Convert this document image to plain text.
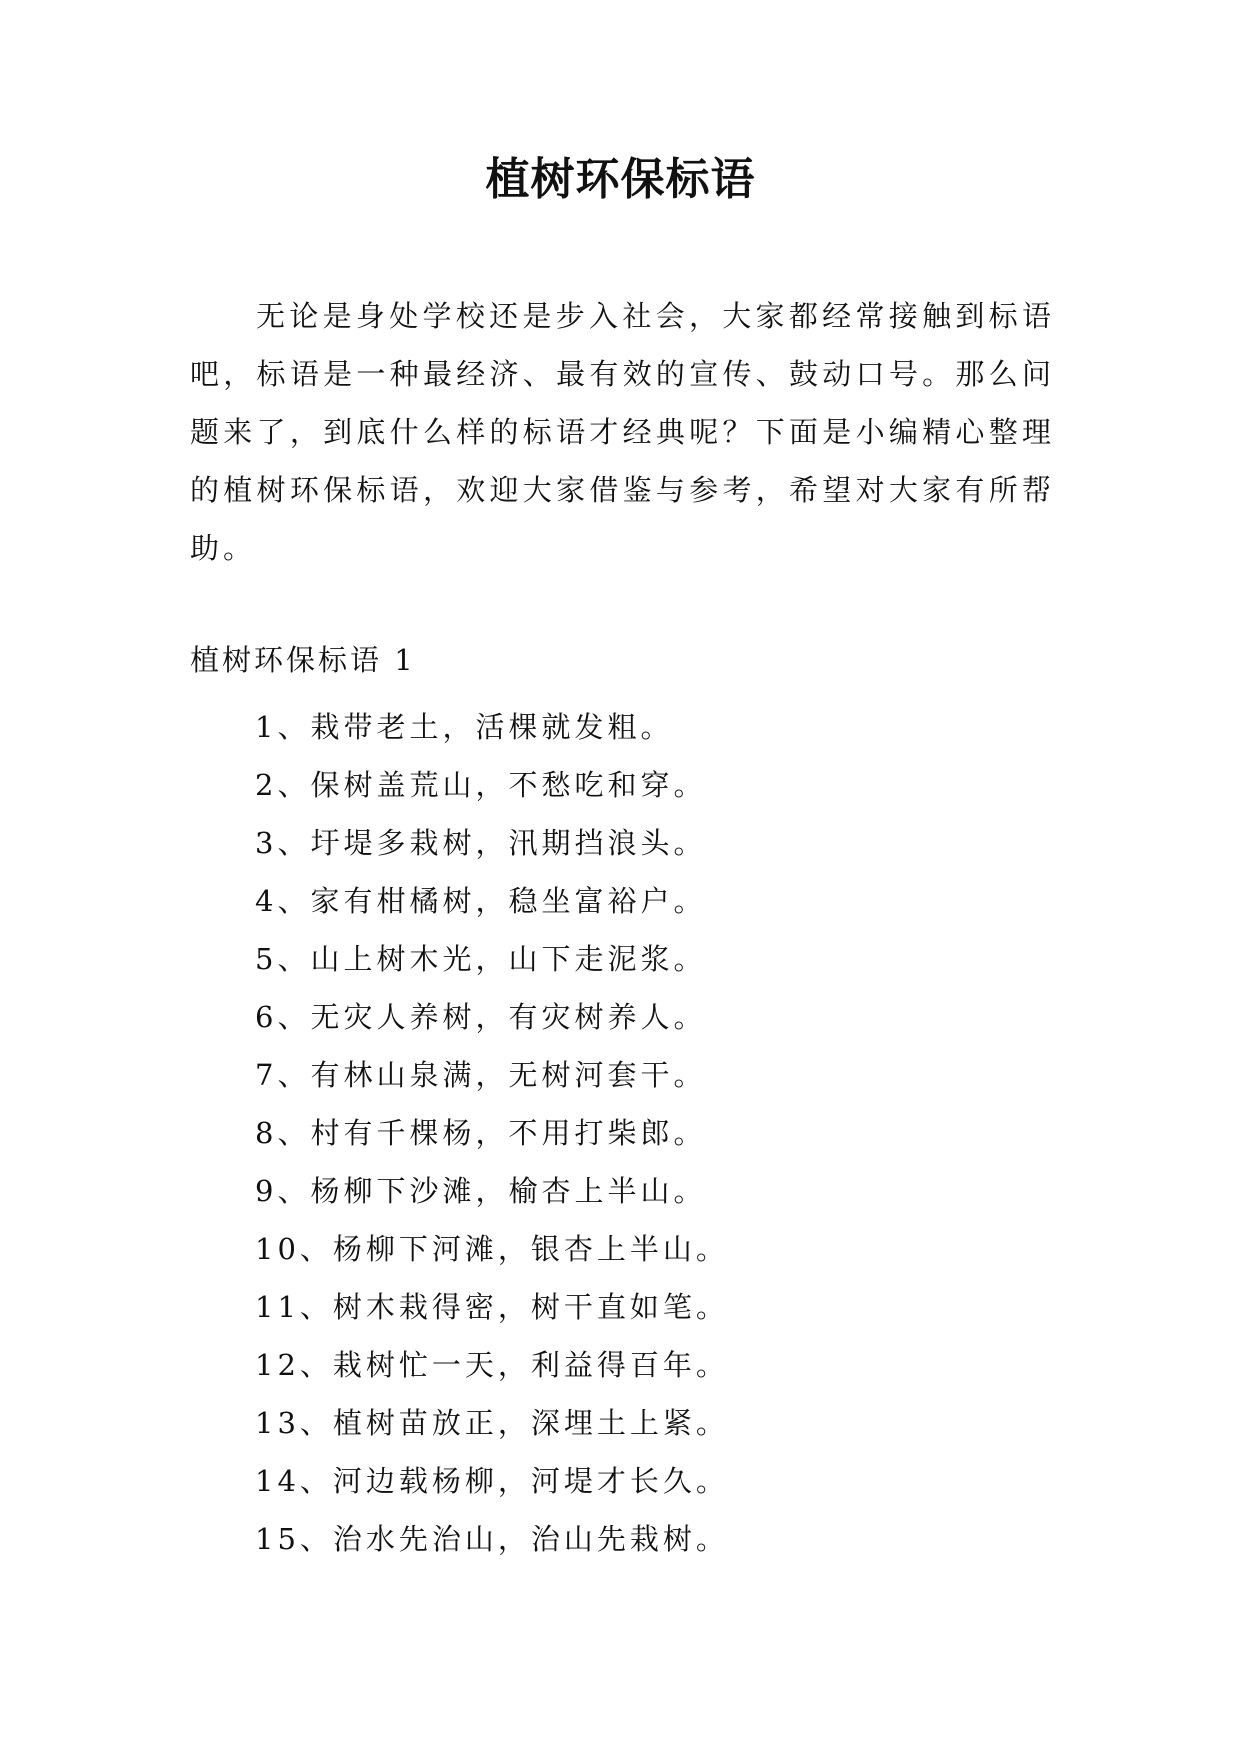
植树环保标语

无论是身处学校还是步入社会，大家都经常接触到标语吧，标语是一种最经济、最有效的宣传、鼓动口号。那么问题来了，到底什么样的标语才经典呢？下面是小编精心整理的植树环保标语，欢迎大家借鉴与参考，希望对大家有所帮助。

植树环保标语 1
1、栽带老土，活棵就发粗。
2、保树盖荒山，不愁吃和穿。
3、圩堤多栽树，汛期挡浪头。
4、家有柑橘树，稳坐富裕户。
5、山上树木光，山下走泥浆。
6、无灾人养树，有灾树养人。
7、有林山泉满，无树河套干。
8、村有千棵杨，不用打柴郎。
9、杨柳下沙滩，榆杏上半山。
10、杨柳下河滩，银杏上半山。
11、树木栽得密，树干直如笔。
12、栽树忙一天，利益得百年。
13、植树苗放正，深埋土上紧。
14、河边载杨柳，河堤才长久。
15、治水先治山，治山先栽树。
